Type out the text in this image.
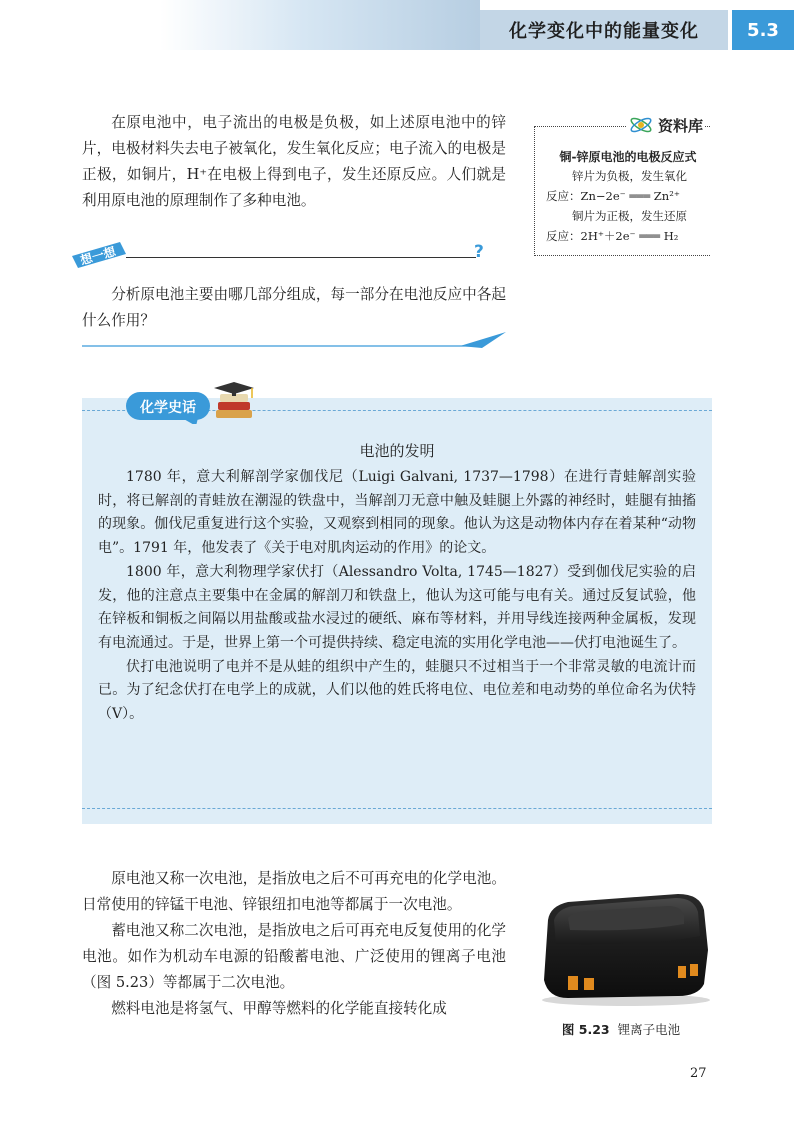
化学变化中的能量变化	5.3

在原电池中，电子流出的电极是负极，如上述原电池中的锌片，电极材料失去电子被氧化，发生氧化反应；电子流入的电极是正极，如铜片，H⁺在电极上得到电子，发生还原反应。人们就是利用原电池的原理制作了多种电池。

资料库
铜-锌原电池的电极反应式
锌片为负极，发生氧化
反应：Zn−2e⁻ ═══ Zn²⁺
铜片为正极，发生还原
反应：2H⁺＋2e⁻ ═══ H₂
想一想	?

分析原电池主要由哪几部分组成，每一部分在电池反应中各起什么作用？

化学史话
电池的发明

1780 年，意大利解剖学家伽伐尼（Luigi Galvani, 1737—1798）在进行青蛙解剖实验时，将已解剖的青蛙放在潮湿的铁盘中，当解剖刀无意中触及蛙腿上外露的神经时，蛙腿有抽搐的现象。伽伐尼重复进行这个实验，又观察到相同的现象。他认为这是动物体内存在着某种“动物电”。1791 年，他发表了《关于电对肌肉运动的作用》的论文。

1800 年，意大利物理学家伏打（Alessandro Volta, 1745—1827）受到伽伐尼实验的启发，他的注意点主要集中在金属的解剖刀和铁盘上，他认为这可能与电有关。通过反复试验，他在锌板和铜板之间隔以用盐酸或盐水浸过的硬纸、麻布等材料，并用导线连接两种金属板，发现有电流通过。于是，世界上第一个可提供持续、稳定电流的实用化学电池——伏打电池诞生了。

伏打电池说明了电并不是从蛙的组织中产生的，蛙腿只不过相当于一个非常灵敏的电流计而已。为了纪念伏打在电学上的成就，人们以他的姓氏将电位、电位差和电动势的单位命名为伏特（V）。

原电池又称一次电池，是指放电之后不可再充电的化学电池。日常使用的锌锰干电池、锌银纽扣电池等都属于一次电池。

蓄电池又称二次电池，是指放电之后可再充电反复使用的化学电池。如作为机动车电源的铅酸蓄电池、广泛使用的锂离子电池（图 5.23）等都属于二次电池。

燃料电池是将氢气、甲醇等燃料的化学能直接转化成

图 5.23 锂离子电池
27
